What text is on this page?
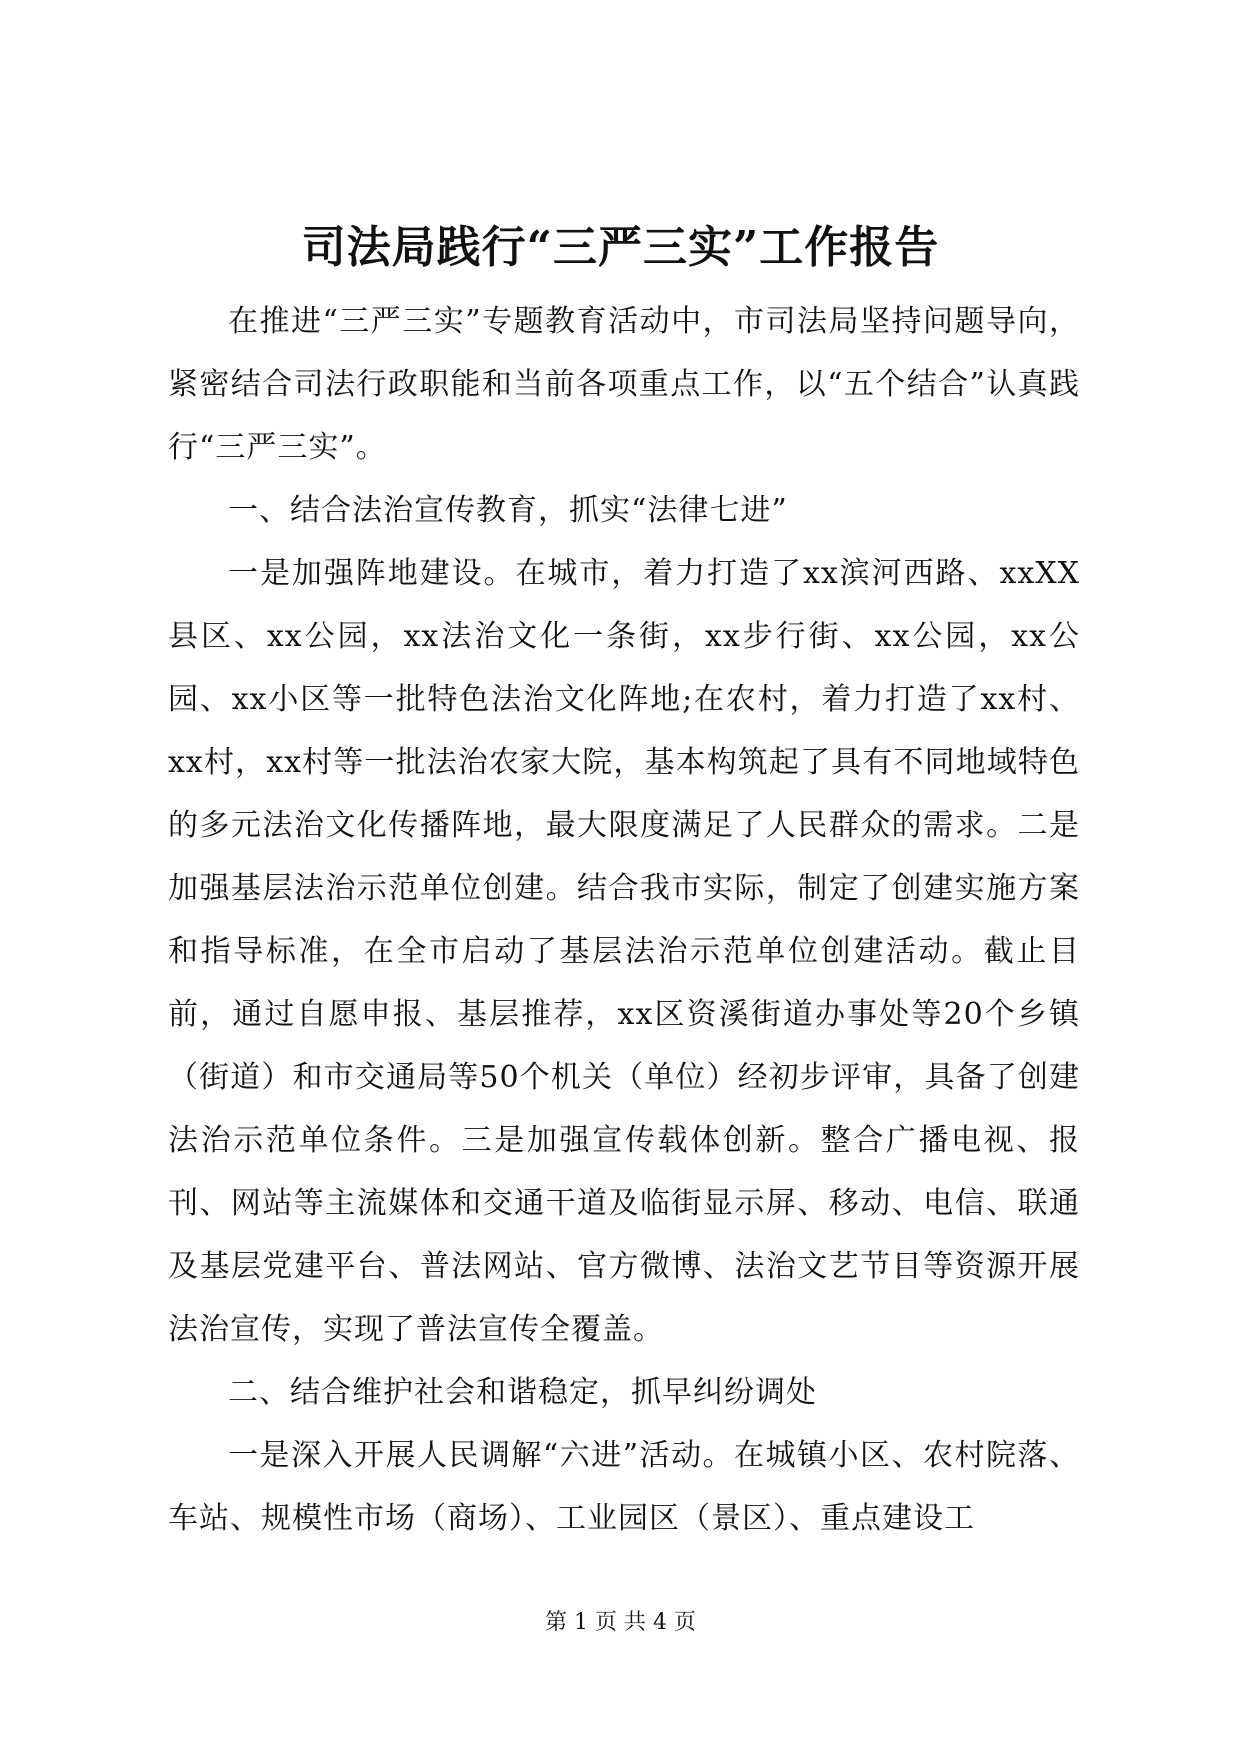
司法局践行“三严三实”工作报告

在推进“三严三实”专题教育活动中，市司法局坚持问题导向，紧密结合司法行政职能和当前各项重点工作，以“五个结合”认真践行“三严三实”。

一、结合法治宣传教育，抓实“法律七进”

一是加强阵地建设。在城市，着力打造了xx滨河西路、xxXX县区、xx公园，xx法治文化一条街，xx步行街、xx公园，xx公园、xx小区等一批特色法治文化阵地;在农村，着力打造了xx村、xx村，xx村等一批法治农家大院，基本构筑起了具有不同地域特色的多元法治文化传播阵地，最大限度满足了人民群众的需求。二是加强基层法治示范单位创建。结合我市实际，制定了创建实施方案和指导标准，在全市启动了基层法治示范单位创建活动。截止目前，通过自愿申报、基层推荐，xx区资溪街道办事处等20个乡镇（街道）和市交通局等50个机关（单位）经初步评审，具备了创建法治示范单位条件。三是加强宣传载体创新。整合广播电视、报刊、网站等主流媒体和交通干道及临街显示屏、移动、电信、联通及基层党建平台、普法网站、官方微博、法治文艺节目等资源开展法治宣传，实现了普法宣传全覆盖。

二、结合维护社会和谐稳定，抓早纠纷调处

一是深入开展人民调解“六进”活动。在城镇小区、农村院落、车站、规模性市场（商场）、工业园区（景区）、重点建设工

第 1 页 共 4 页
